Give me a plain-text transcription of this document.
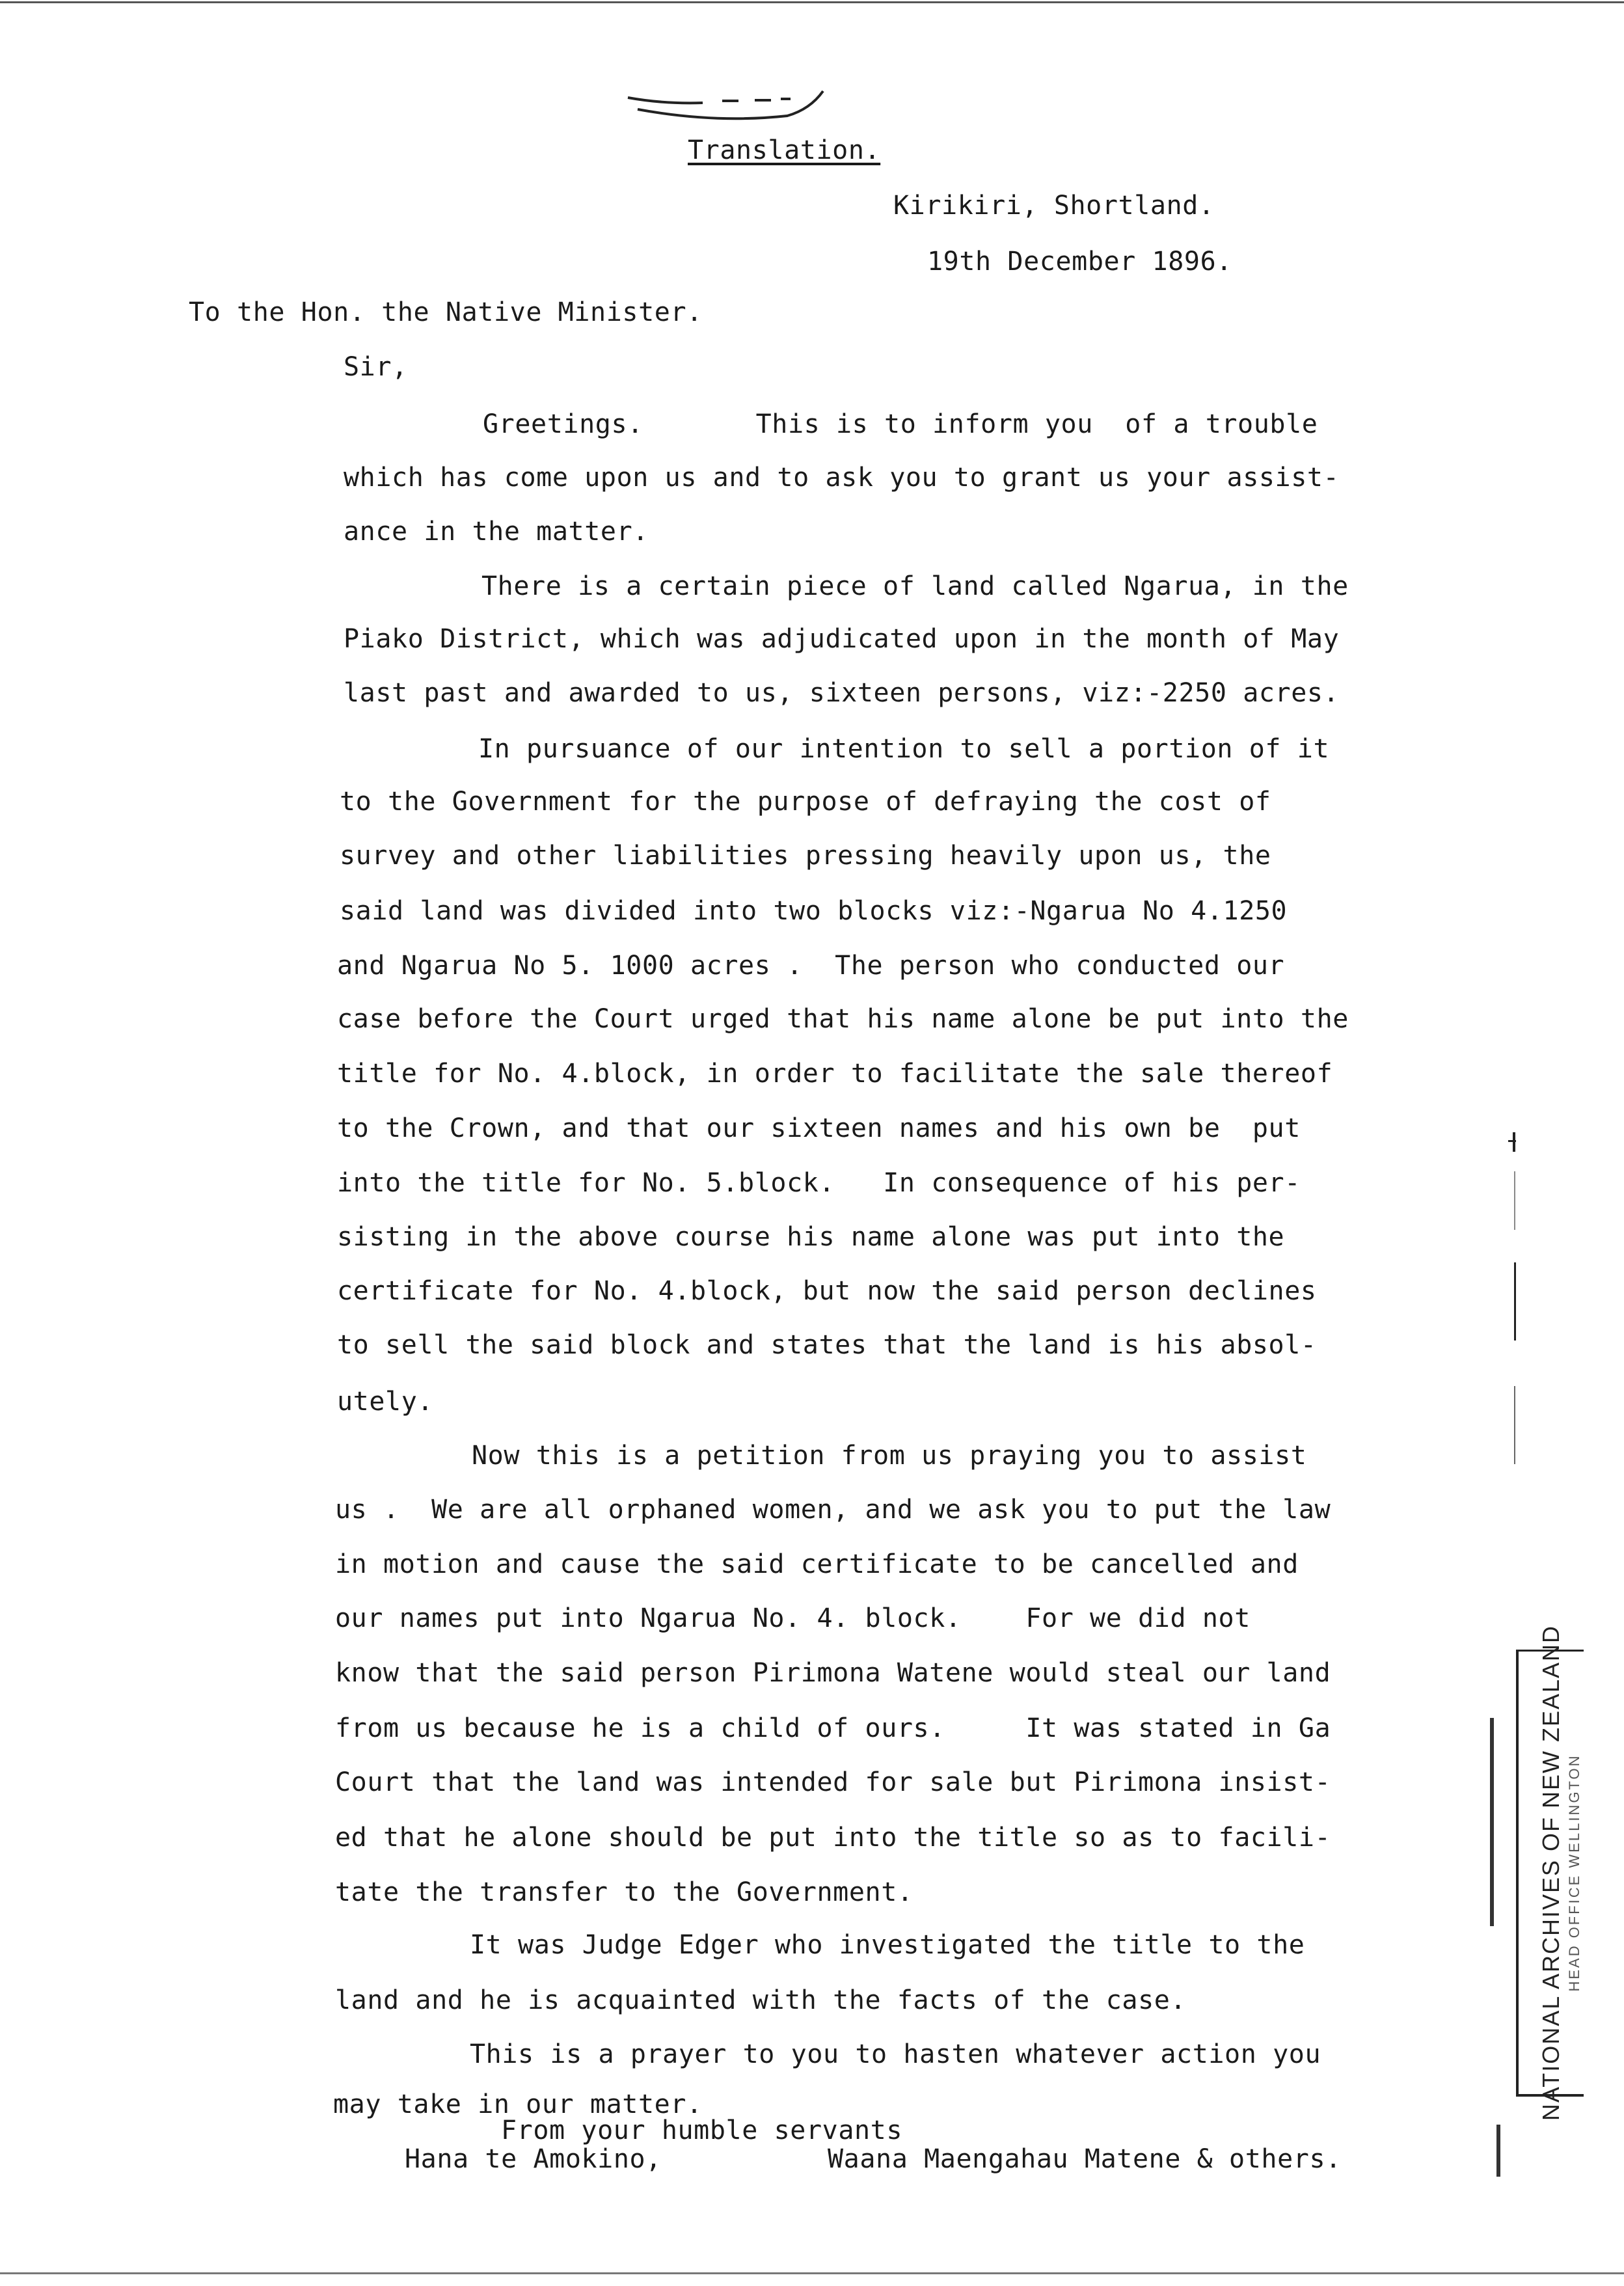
Translation.
Kirikiri, Shortland.
19th December 1896.
To the Hon. the Native Minister.
Sir,
Greetings.       This is to inform you  of a trouble
which has come upon us and to ask you to grant us your assist-
ance in the matter.
There is a certain piece of land called Ngarua, in the
Piako District, which was adjudicated upon in the month of May
last past and awarded to us, sixteen persons, viz:-2250 acres.
In pursuance of our intention to sell a portion of it
to the Government for the purpose of defraying the cost of
survey and other liabilities pressing heavily upon us, the
said land was divided into two blocks viz:-Ngarua No 4.1250
and Ngarua No 5. 1000 acres .  The person who conducted our
case before the Court urged that his name alone be put into the
title for No. 4.block, in order to facilitate the sale thereof
to the Crown, and that our sixteen names and his own be  put
into the title for No. 5.block.   In consequence of his per-
sisting in the above course his name alone was put into the
certificate for No. 4.block, but now the said person declines
to sell the said block and states that the land is his absol-
utely.
Now this is a petition from us praying you to assist
us .  We are all orphaned women, and we ask you to put the law
in motion and cause the said certificate to be cancelled and
our names put into Ngarua No. 4. block.    For we did not
know that the said person Pirimona Watene would steal our land
from us because he is a child of ours.     It was stated in Ga
Court that the land was intended for sale but Pirimona insist-
ed that he alone should be put into the title so as to facili-
tate the transfer to the Government.
It was Judge Edger who investigated the title to the
land and he is acquainted with the facts of the case.
This is a prayer to you to hasten whatever action you
may take in our matter.
From your humble servants
Hana te Amokino,	Waana Maengahau Matene & others.
NATIONAL ARCHIVES OF NEW ZEALAND HEAD OFFICE WELLINGTON
